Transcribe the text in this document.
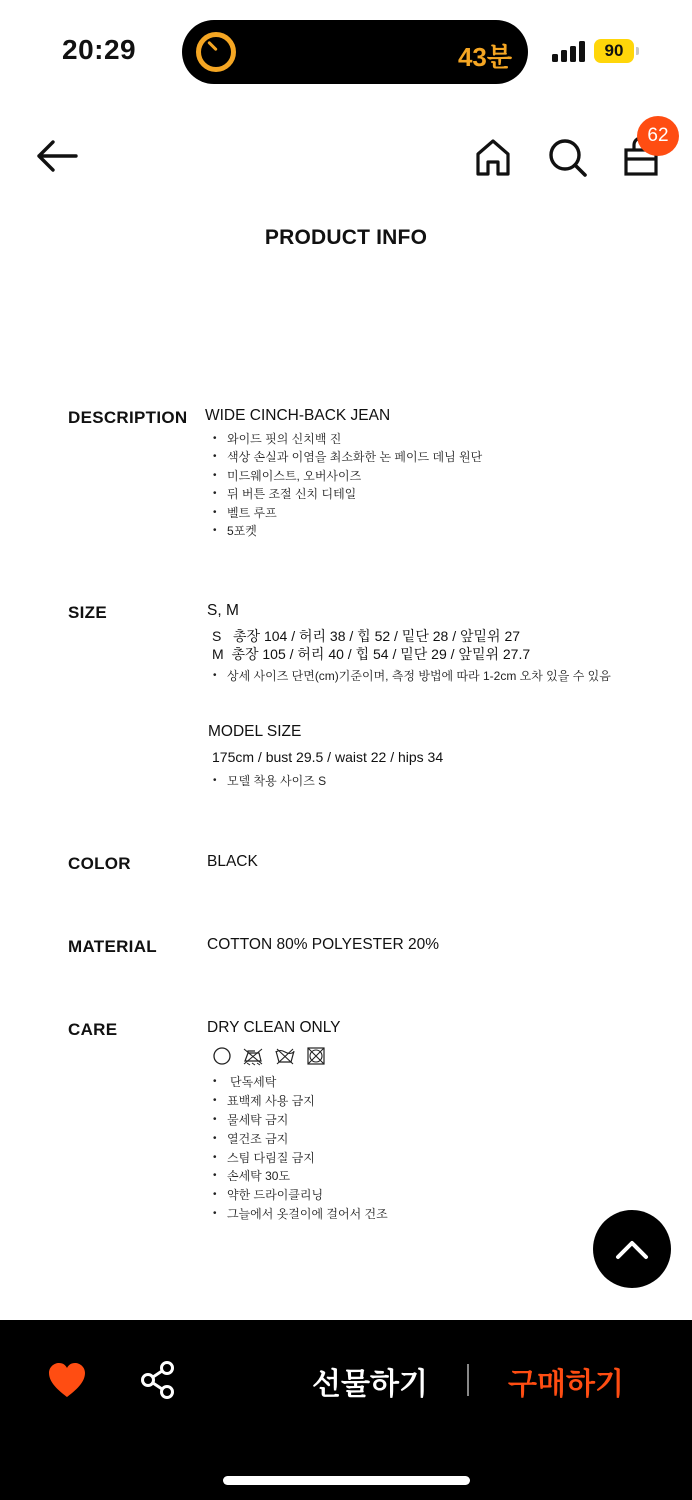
20:29	43분	90
62
PRODUCT INFO
DESCRIPTION WIDE CINCH-BACK JEAN
• 와이드 핏의 신치백 진
• 색상 손실과 이염을 최소화한 논 페이드 데님 원단
• 미드웨이스트, 오버사이즈
• 뒤 버튼 조절 신치 디테일
• 벨트 루프
• 5포켓
SIZE	S, M
S   총장 104 / 허리 38 / 힙 52 / 밑단 28 / 앞밑위 27
M  총장 105 / 허리 40 / 힙 54 / 밑단 29 / 앞밑위 27.7
• 상세 사이즈 단면(cm)기준이며, 측정 방법에 따라 1-2cm 오차 있을 수 있음
MODEL SIZE
175cm / bust 29.5 / waist 22 / hips 34
• 모델 착용 사이즈 S
COLOR	BLACK
MATERIAL	COTTON 80% POLYESTER 20%
CARE	DRY CLEAN ONLY
• 단독세탁
• 표백제 사용 금지
• 물세탁 금지
• 열건조 금지
• 스팀 다림질 금지
• 손세탁 30도
• 약한 드라이클리닝
• 그늘에서 옷걸이에 걸어서 건조
선물하기	구매하기
